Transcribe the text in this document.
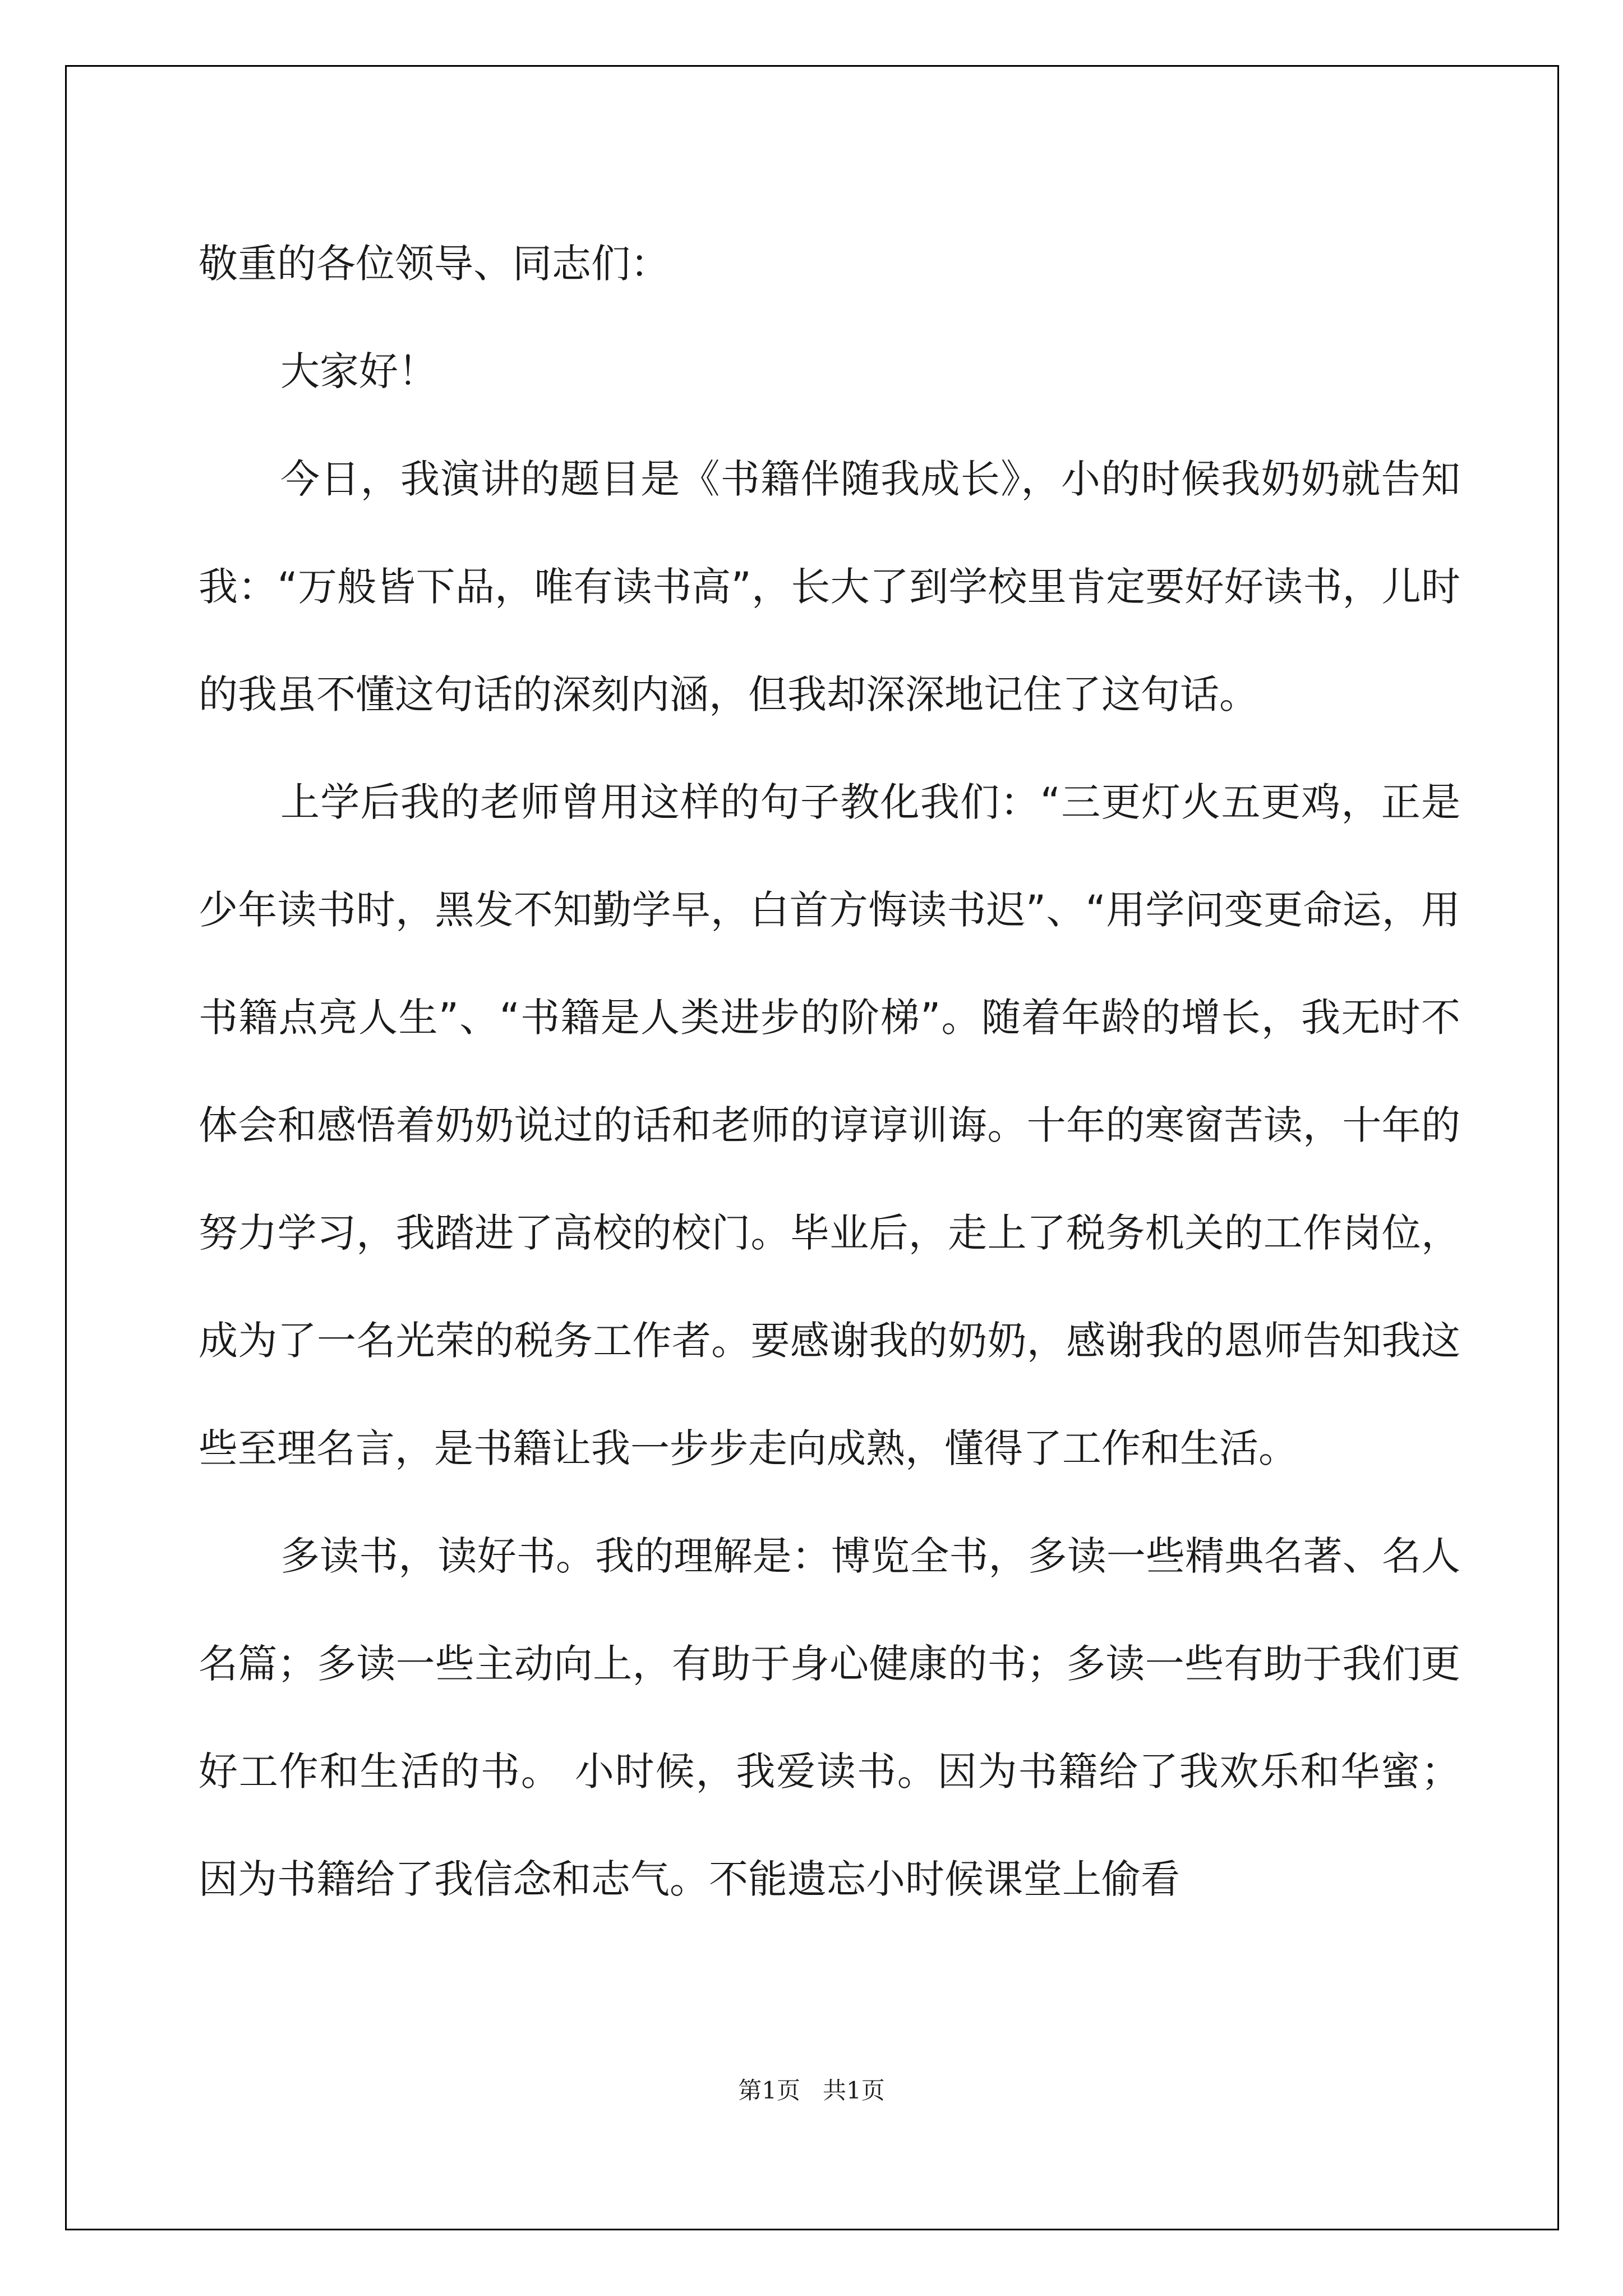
敬重的各位领导、同志们：

大家好！

今日，我演讲的题目是《书籍伴随我成长》，小的时候我奶奶就告知我：“万般皆下品，唯有读书高”，长大了到学校里肯定要好好读书，儿时的我虽不懂这句话的深刻内涵，但我却深深地记住了这句话。

上学后我的老师曾用这样的句子教化我们：“三更灯火五更鸡，正是少年读书时，黑发不知勤学早，白首方悔读书迟”、“用学问变更命运，用书籍点亮人生”、“书籍是人类进步的阶梯”。随着年龄的增长，我无时不体会和感悟着奶奶说过的话和老师的谆谆训诲。十年的寒窗苦读，十年的努力学习，我踏进了高校的校门。毕业后，走上了税务机关的工作岗位，成为了一名光荣的税务工作者。要感谢我的奶奶，感谢我的恩师告知我这些至理名言，是书籍让我一步步走向成熟，懂得了工作和生活。

多读书，读好书。我的理解是：博览全书，多读一些精典名著、名人名篇；多读一些主动向上，有助于身心健康的书；多读一些有助于我们更好工作和生活的书。 小时候，我爱读书。因为书籍给了我欢乐和华蜜；因为书籍给了我信念和志气。不能遗忘小时候课堂上偷看

第1页   共1页
